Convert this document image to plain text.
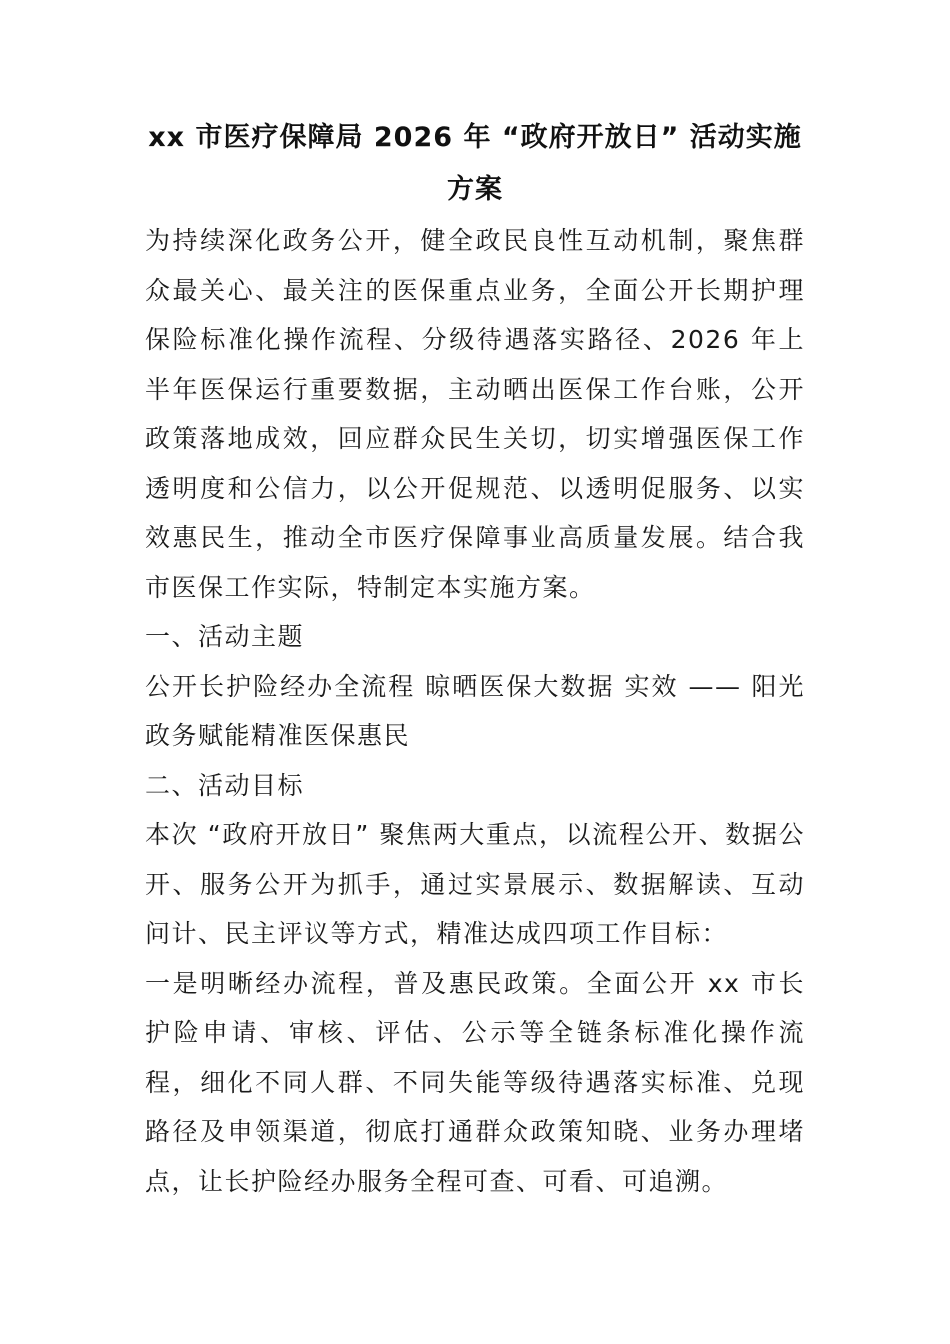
xx 市医疗保障局 2026 年 “政府开放日” 活动实施方案

为持续深化政务公开，健全政民良性互动机制，聚焦群众最关心、最关注的医保重点业务，全面公开长期护理保险标准化操作流程、分级待遇落实路径、2026 年上半年医保运行重要数据，主动晒出医保工作台账，公开政策落地成效，回应群众民生关切，切实增强医保工作透明度和公信力，以公开促规范、以透明促服务、以实效惠民生，推动全市医疗保障事业高质量发展。结合我市医保工作实际，特制定本实施方案。

一、活动主题

公开长护险经办全流程 晾晒医保大数据 实效 —— 阳光政务赋能精准医保惠民

二、活动目标

本次 “政府开放日” 聚焦两大重点，以流程公开、数据公开、服务公开为抓手，通过实景展示、数据解读、互动问计、民主评议等方式，精准达成四项工作目标：

一是明晰经办流程，普及惠民政策。全面公开 xx 市长护险申请、审核、评估、公示等全链条标准化操作流程，细化不同人群、不同失能等级待遇落实标准、兑现路径及申领渠道，彻底打通群众政策知晓、业务办理堵点，让长护险经办服务全程可查、可看、可追溯。
